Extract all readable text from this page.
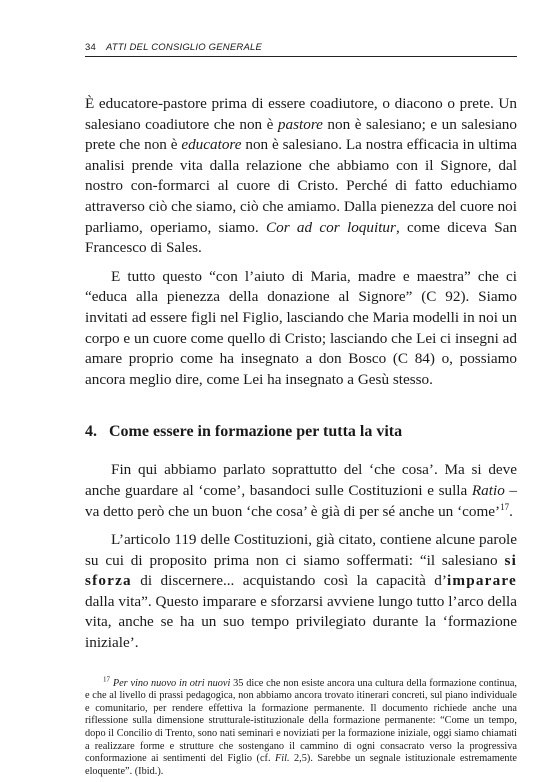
34 ATTI DEL CONSIGLIO GENERALE

È educatore-pastore prima di essere coadiutore, o diacono o prete. Un salesiano coadiutore che non è pastore non è salesiano; e un salesiano prete che non è educatore non è salesiano. La nostra efficacia in ultima analisi prende vita dalla relazione che abbiamo con il Signore, dal nostro con-formarci al cuore di Cristo. Perché di fatto educhiamo attraverso ciò che siamo, ciò che amiamo. Dalla pienezza del cuore noi parliamo, operiamo, siamo. Cor ad cor loquitur, come diceva San Francesco di Sales.

E tutto questo “con l’aiuto di Maria, madre e maestra” che ci “educa alla pienezza della donazione al Signore” (C 92). Siamo invitati ad essere figli nel Figlio, lasciando che Maria modelli in noi un corpo e un cuore come quello di Cristo; lasciando che Lei ci insegni ad amare proprio come ha insegnato a don Bosco (C 84) o, possiamo ancora meglio dire, come Lei ha insegnato a Gesù stesso.

4. Come essere in formazione per tutta la vita

Fin qui abbiamo parlato soprattutto del ‘che cosa’. Ma si deve anche guardare al ‘come’, basandoci sulle Costituzioni e sulla Ratio – va detto però che un buon ‘che cosa’ è già di per sé anche un ‘come’$^{17}$.

L’articolo 119 delle Costituzioni, già citato, contiene alcune parole su cui di proposito prima non ci siamo soffermati: “il salesiano si sforza di discernere... acquistando così la capacità d’imparare dalla vita”. Questo imparare e sforzarsi avviene lungo tutto l’arco della vita, anche se ha un suo tempo privilegiato durante la ‘formazione iniziale’.

$^{17}$ Per vino nuovo in otri nuovi 35 dice che non esiste ancora una cultura della formazione continua, e che al livello di prassi pedagogica, non abbiamo ancora trovato itinerari concreti, sul piano individuale e comunitario, per rendere effettiva la formazione permanente. Il documento richiede anche una riflessione sulla dimensione strutturale-istituzionale della formazione permanente: “Come un tempo, dopo il Concilio di Trento, sono nati seminari e noviziati per la formazione iniziale, oggi siamo chiamati a realizzare forme e strutture che sostengano il cammino di ogni consacrato verso la progressiva conformazione ai sentimenti del Figlio (cf. Fil. 2,5). Sarebbe un segnale istituzionale estremamente eloquente”. (Ibid.).
